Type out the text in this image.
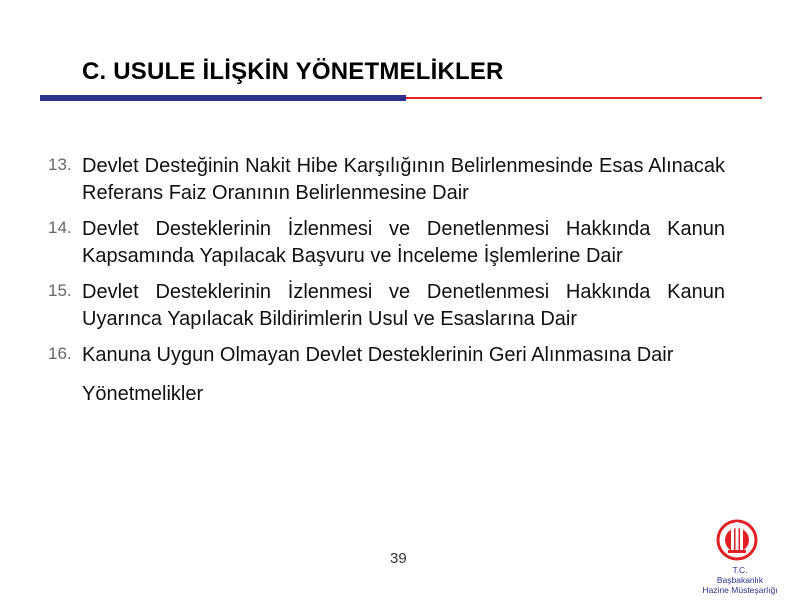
C. USULE İLİŞKİN YÖNETMELİKLER
13. Devlet Desteğinin Nakit Hibe Karşılığının Belirlenmesinde Esas Alınacak Referans Faiz Oranının Belirlenmesine Dair
14. Devlet Desteklerinin İzlenmesi ve Denetlenmesi Hakkında Kanun Kapsamında Yapılacak Başvuru ve İnceleme İşlemlerine Dair
15. Devlet Desteklerinin İzlenmesi ve Denetlenmesi Hakkında Kanun Uyarınca Yapılacak Bildirimlerin Usul ve Esaslarına Dair
16. Kanuna Uygun Olmayan Devlet Desteklerinin Geri Alınmasına Dair
Yönetmelikler
39
T.C.
Başbakanlık
Hazine Müsteşarlığı
